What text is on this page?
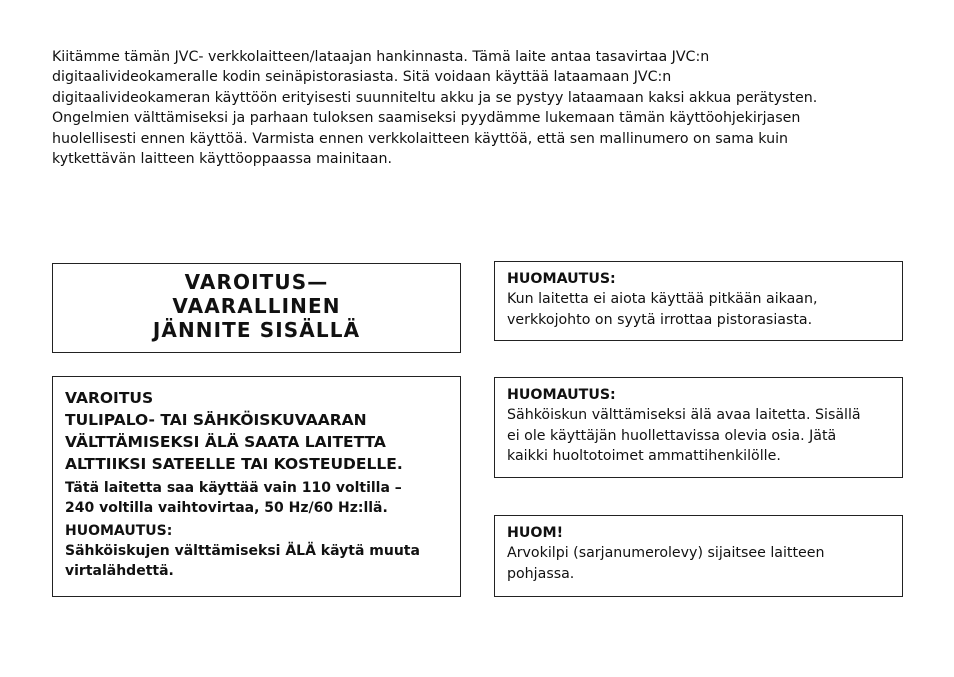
Kiitämme tämän JVC- verkkolaitteen/lataajan hankinnasta. Tämä laite antaa tasavirtaa JVC:n
digitaalivideokameralle kodin seinäpistorasiasta. Sitä voidaan käyttää lataamaan JVC:n
digitaalivideokameran käyttöön erityisesti suunniteltu akku ja se pystyy lataamaan kaksi akkua perätysten.
Ongelmien välttämiseksi ja parhaan tuloksen saamiseksi pyydämme lukemaan tämän käyttöohjekirjasen
huolellisesti ennen käyttöä. Varmista ennen verkkolaitteen käyttöä, että sen mallinumero on sama kuin
kytkettävän laitteen käyttöoppaassa mainitaan.

VAROITUS—
VAARALLINEN
JÄNNITE SISÄLLÄ
VAROITUS
TULIPALO- TAI SÄHKÖISKUVAARAN
VÄLTTÄMISEKSI ÄLÄ SAATA LAITETTA
ALTTIIKSI SATEELLE TAI KOSTEUDELLE.
Tätä laitetta saa käyttää vain 110 voltilla –
240 voltilla vaihtovirtaa, 50 Hz/60 Hz:llä.
HUOMAUTUS:
Sähköiskujen välttämiseksi ÄLÄ käytä muuta
virtalähdettä.
HUOMAUTUS:
Kun laitetta ei aiota käyttää pitkään aikaan,
verkkojohto on syytä irrottaa pistorasiasta.
HUOMAUTUS:
Sähköiskun välttämiseksi älä avaa laitetta. Sisällä
ei ole käyttäjän huollettavissa olevia osia. Jätä
kaikki huoltotoimet ammattihenkilölle.
HUOM!
Arvokilpi (sarjanumerolevy) sijaitsee laitteen
pohjassa.
